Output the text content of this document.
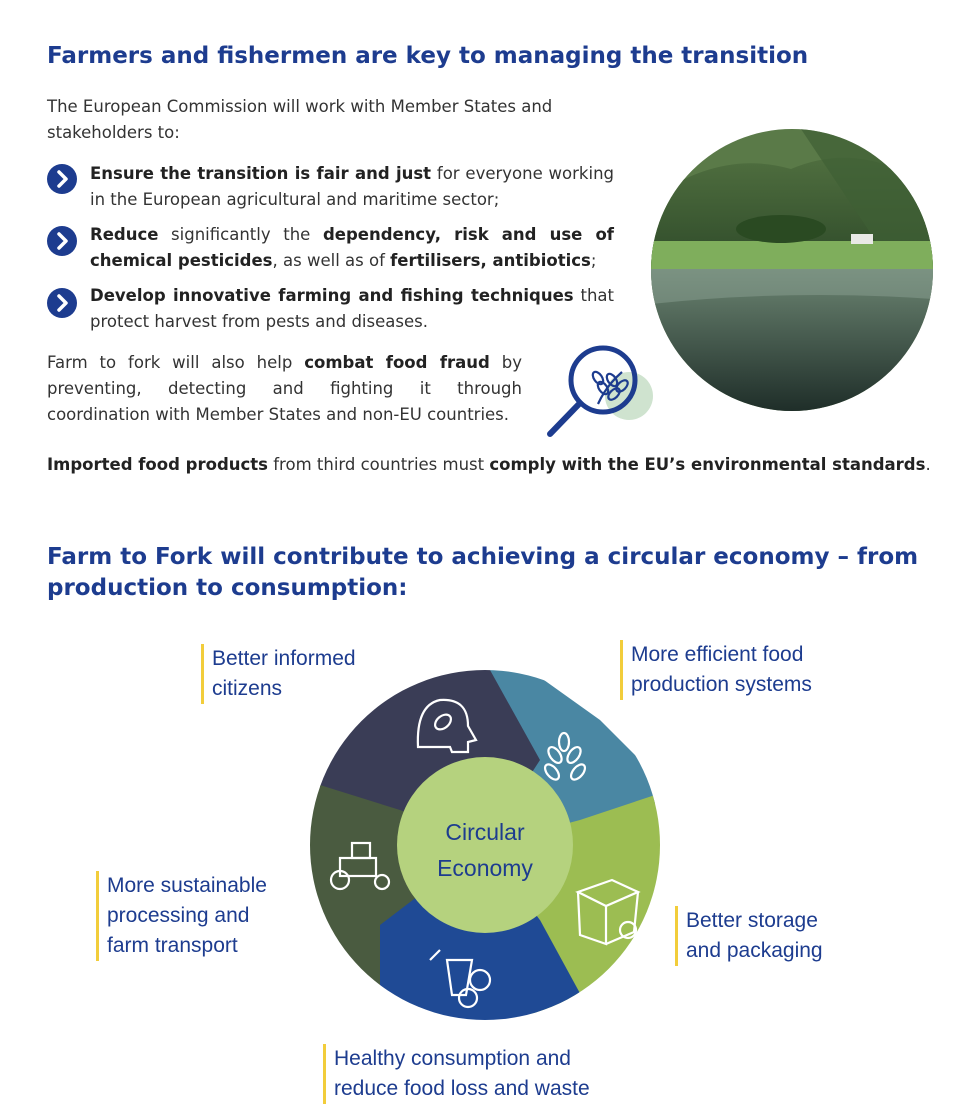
Farmers and fishermen are key to managing the transition

The European Commission will work with Member States and stakeholders to:

Ensure the transition is fair and just for everyone working in the European agricultural and maritime sector;

Reduce significantly the dependency, risk and use of chemical pesticides, as well as of fertilisers, antibiotics;

Develop innovative farming and fishing techniques that protect harvest from pests and diseases.

Farm to fork will also help combat food fraud by preventing, detecting and fighting it through coordination with Member States and non-EU countries.

Imported food products from third countries must comply with the EU’s environmental standards.

Farm to Fork will contribute to achieving a circular economy – from production to consumption:
Better informed
citizens
More efficient food
production systems
Better storage
and packaging
Healthy consumption and
reduce food loss and waste
More sustainable
processing and
farm transport
Circular
Economy
